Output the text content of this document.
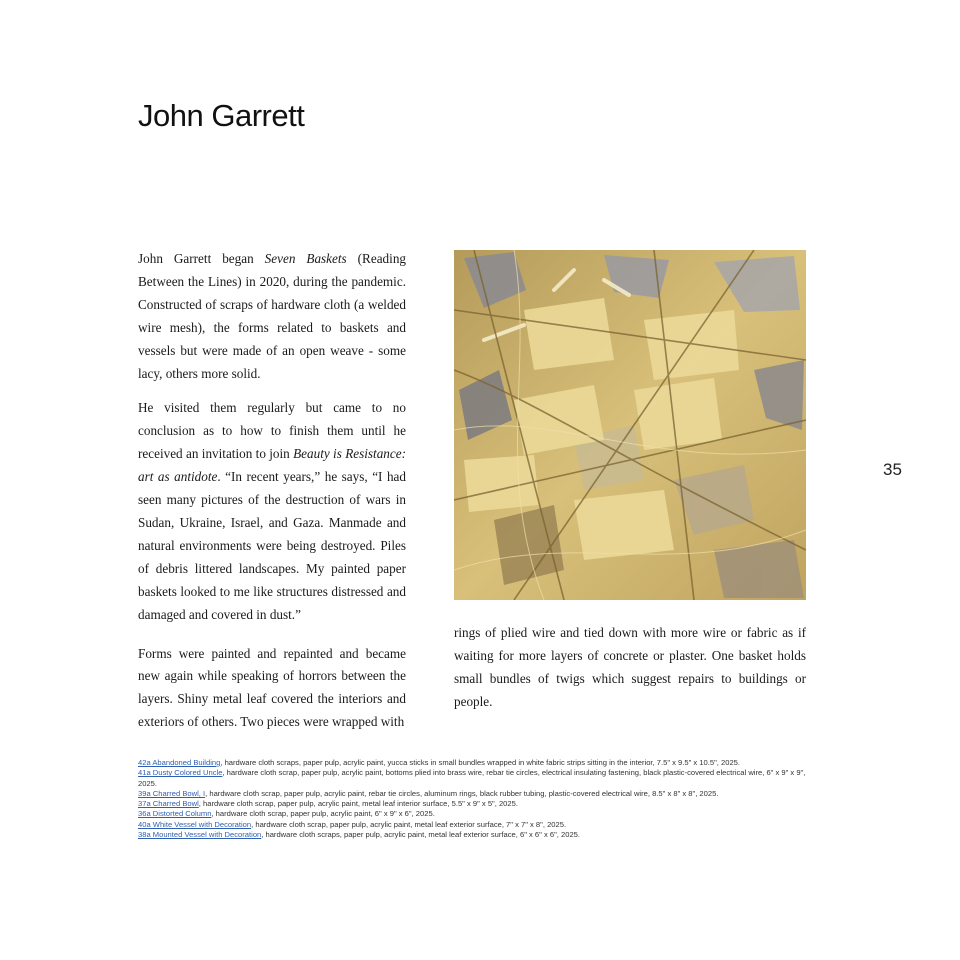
John Garrett

John Garrett began Seven Baskets (Reading Between the Lines) in 2020, during the pandemic. Constructed of scraps of hardware cloth (a welded wire mesh), the forms related to baskets and vessels but were made of an open weave - some lacy, others more solid.

He visited them regularly but came to no conclusion as to how to finish them until he received an invitation to join Beauty is Resistance: art as antidote. “In recent years,” he says, “I had seen many pictures of the destruction of wars in Sudan, Ukraine, Israel, and Gaza. Manmade and natural environments were being destroyed. Piles of debris littered landscapes. My painted paper baskets looked to me like structures distressed and damaged and covered in dust.”

Forms were painted and repainted and became new again while speaking of horrors between the layers. Shiny metal leaf covered the interiors and exteriors of others. Two pieces were wrapped with

35

rings of plied wire and tied down with more wire or fabric as if waiting for more layers of concrete or plaster. One basket holds small bundles of twigs which suggest repairs to buildings or people.

42a Abandoned Building, hardware cloth scraps, paper pulp, acrylic paint, yucca sticks in small bundles wrapped in white fabric strips sitting in the interior, 7.5" x 9.5" x 10.5", 2025.

41a Dusty Colored Uncle, hardware cloth scrap, paper pulp, acrylic paint, bottoms plied into brass wire, rebar tie circles, electrical insulating fastening, black plastic-covered electrical wire, 6" x 9" x 9", 2025.

39a Charred Bowl, I, hardware cloth scrap, paper pulp, acrylic paint, rebar tie circles, aluminum rings, black rubber tubing, plastic-covered electrical wire, 8.5" x 8" x 8", 2025.

37a Charred Bowl, hardware cloth scrap, paper pulp, acrylic paint, metal leaf interior surface, 5.5" x 9" x 5", 2025.

36a Distorted Column, hardware cloth scrap, paper pulp, acrylic paint, 6" x 9" x 6", 2025.

40a White Vessel with Decoration, hardware cloth scrap, paper pulp, acrylic paint, metal leaf exterior surface, 7" x 7" x 8", 2025.

38a Mounted Vessel with Decoration, hardware cloth scraps, paper pulp, acrylic paint, metal leaf exterior surface, 6" x 6" x 6", 2025.
